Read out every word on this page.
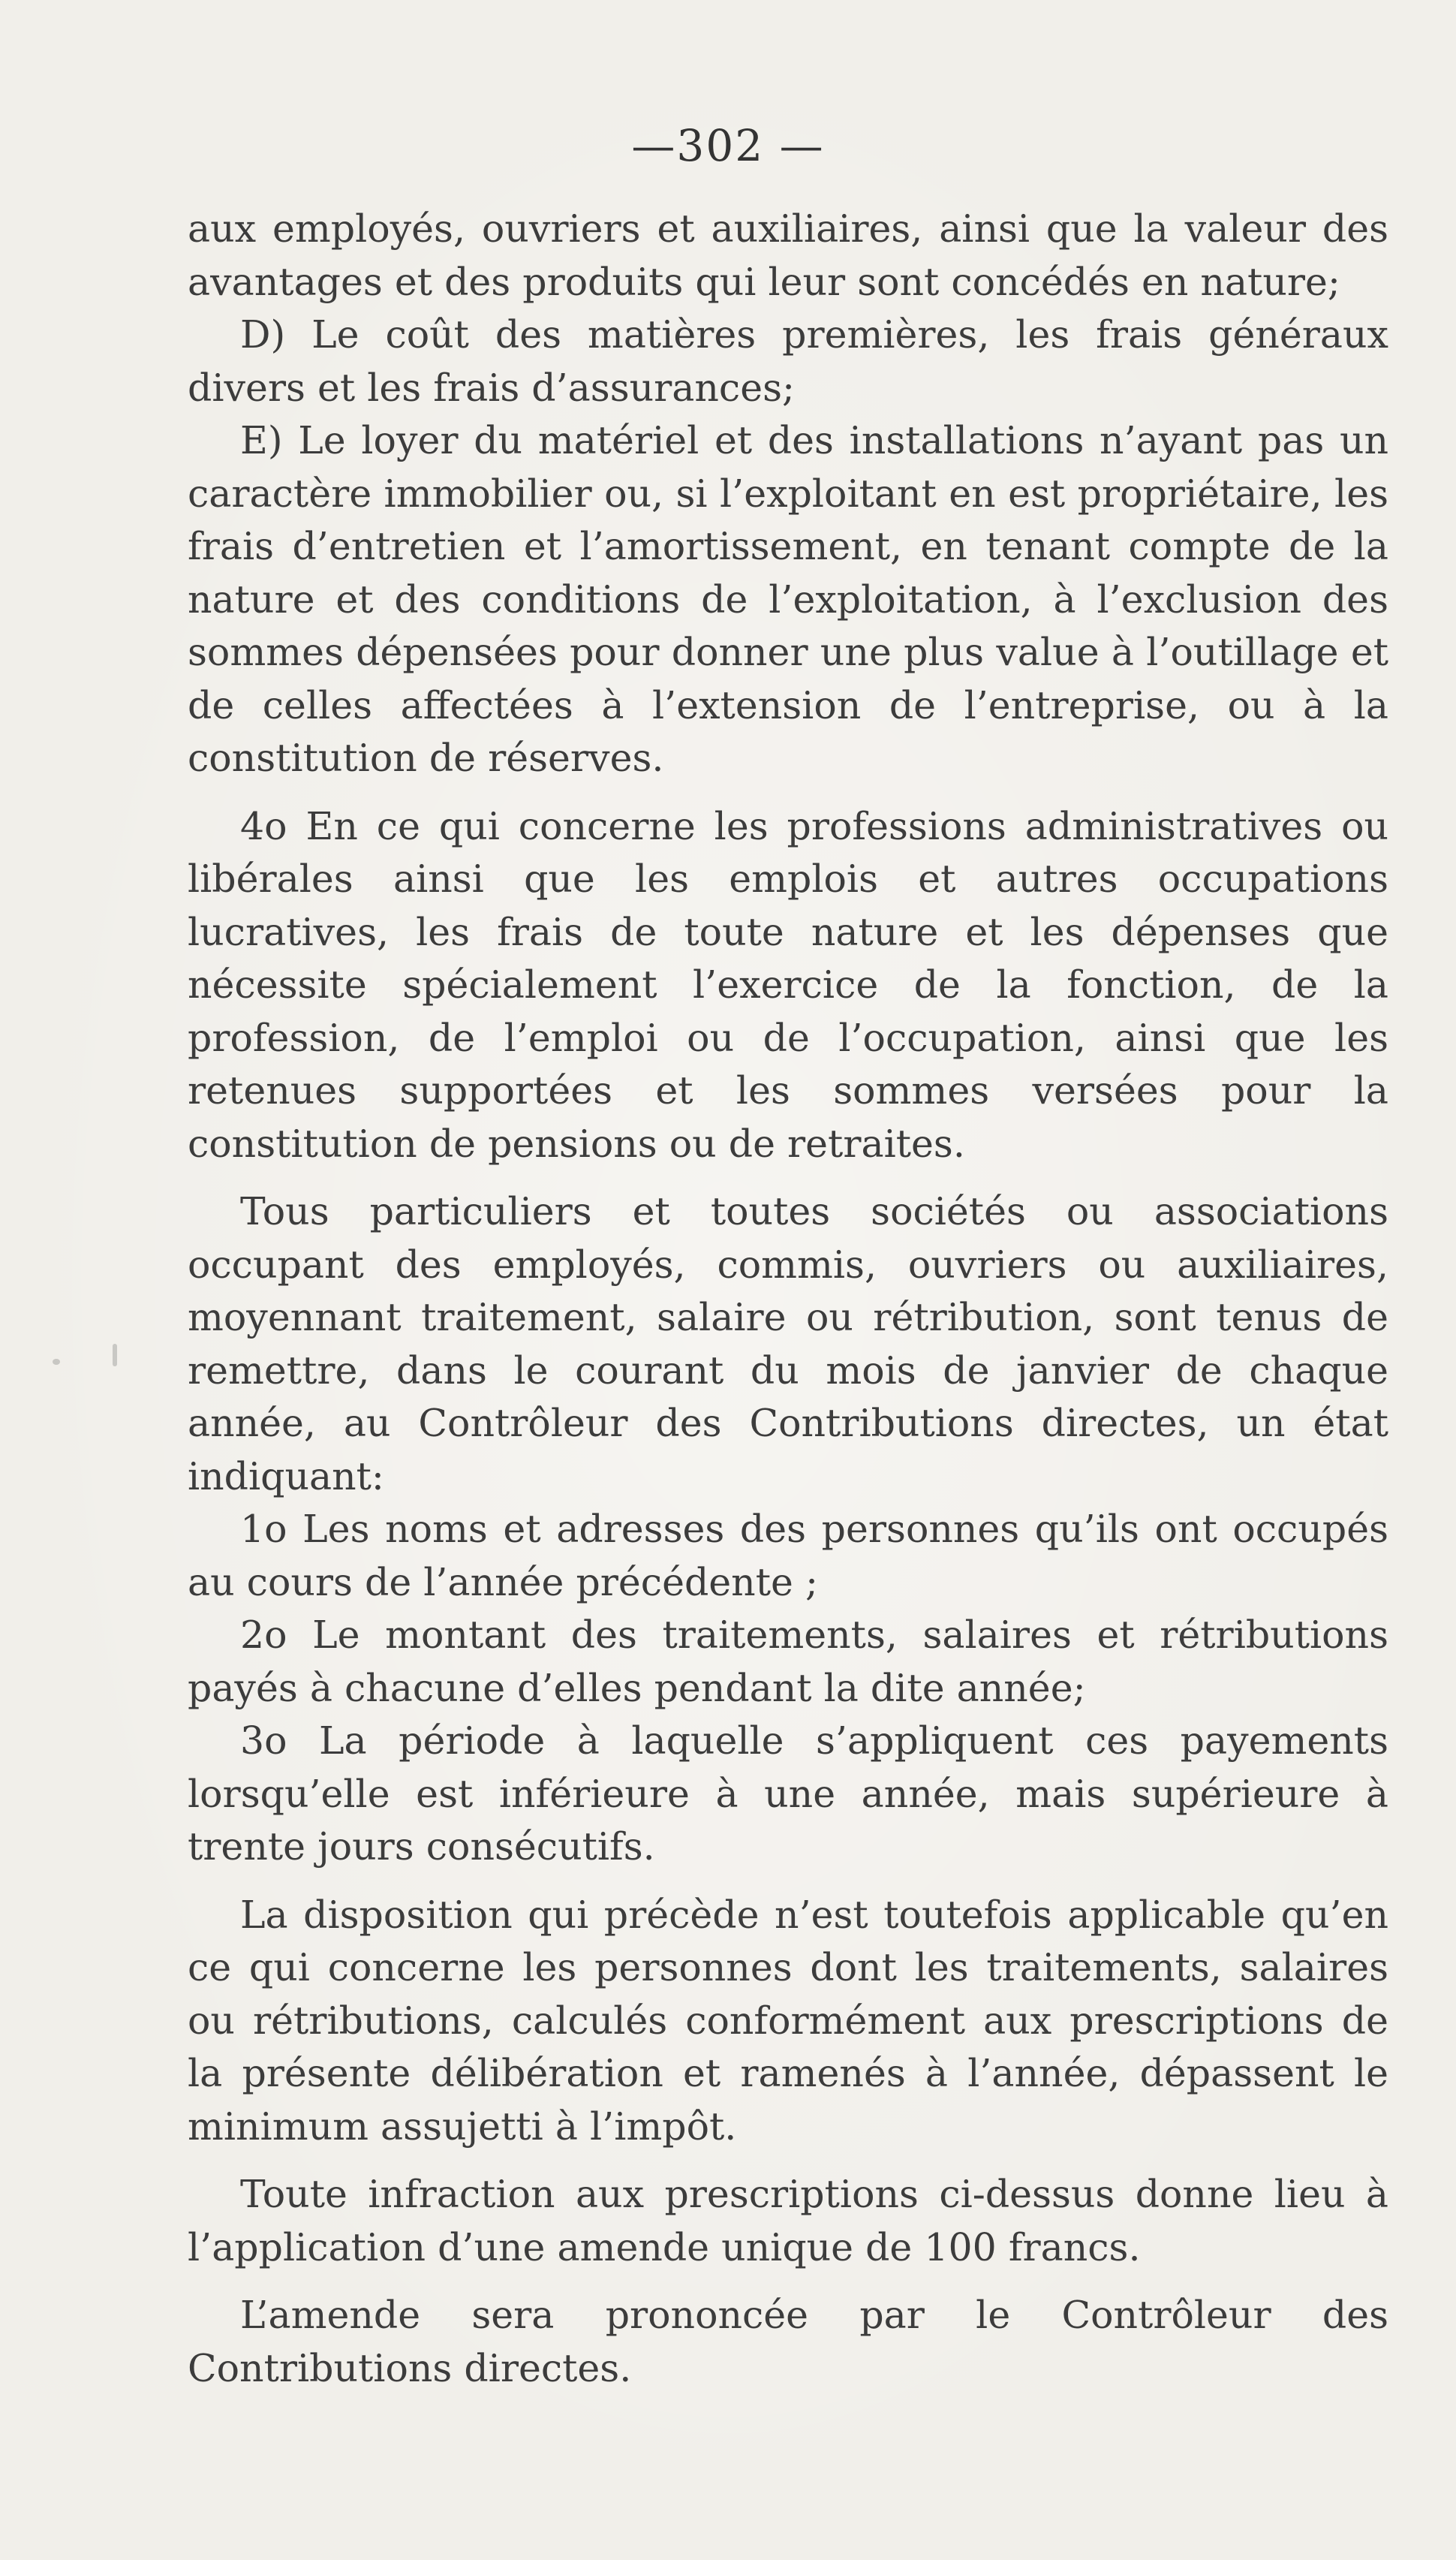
—302 —

aux employés, ouvriers et auxiliaires, ainsi que la valeur des avantages et des produits qui leur sont concédés en nature;

D) Le coût des matières premières, les frais généraux divers et les frais d’assurances;

E) Le loyer du matériel et des installations n’ayant pas un caractère immobilier ou, si l’exploitant en est propriétaire, les frais d’entretien et l’amortissement, en tenant compte de la nature et des conditions de l’exploitation, à l’exclusion des sommes dépensées pour donner une plus value à l’outillage et de celles affectées à l’extension de l’entreprise, ou à la constitution de réserves.

4o En ce qui concerne les professions administratives ou libérales ainsi que les emplois et autres occupations lucratives, les frais de toute nature et les dépenses que nécessite spécialement l’exercice de la fonction, de la profession, de l’emploi ou de l’occupation, ainsi que les retenues supportées et les sommes versées pour la constitution de pensions ou de retraites.

Tous particuliers et toutes sociétés ou associations occupant des employés, commis, ouvriers ou auxiliaires, moyennant traitement, salaire ou rétribution, sont tenus de remettre, dans le courant du mois de janvier de chaque année, au Contrôleur des Contributions directes, un état indiquant:

1o Les noms et adresses des personnes qu’ils ont occupés au cours de l’année précédente ;

2o Le montant des traitements, salaires et rétributions payés à chacune d’elles pendant la dite année;

3o La période à laquelle s’appliquent ces payements lorsqu’elle est inférieure à une année, mais supérieure à trente jours consécutifs.

La disposition qui précède n’est toutefois applicable qu’en ce qui concerne les personnes dont les traitements, salaires ou rétributions, calculés conformément aux prescriptions de la présente délibération et ramenés à l’année, dépassent le minimum assujetti à l’impôt.

Toute infraction aux prescriptions ci-dessus donne lieu à l’application d’une amende unique de 100 francs.

L’amende sera prononcée par le Contrôleur des Contributions directes.
